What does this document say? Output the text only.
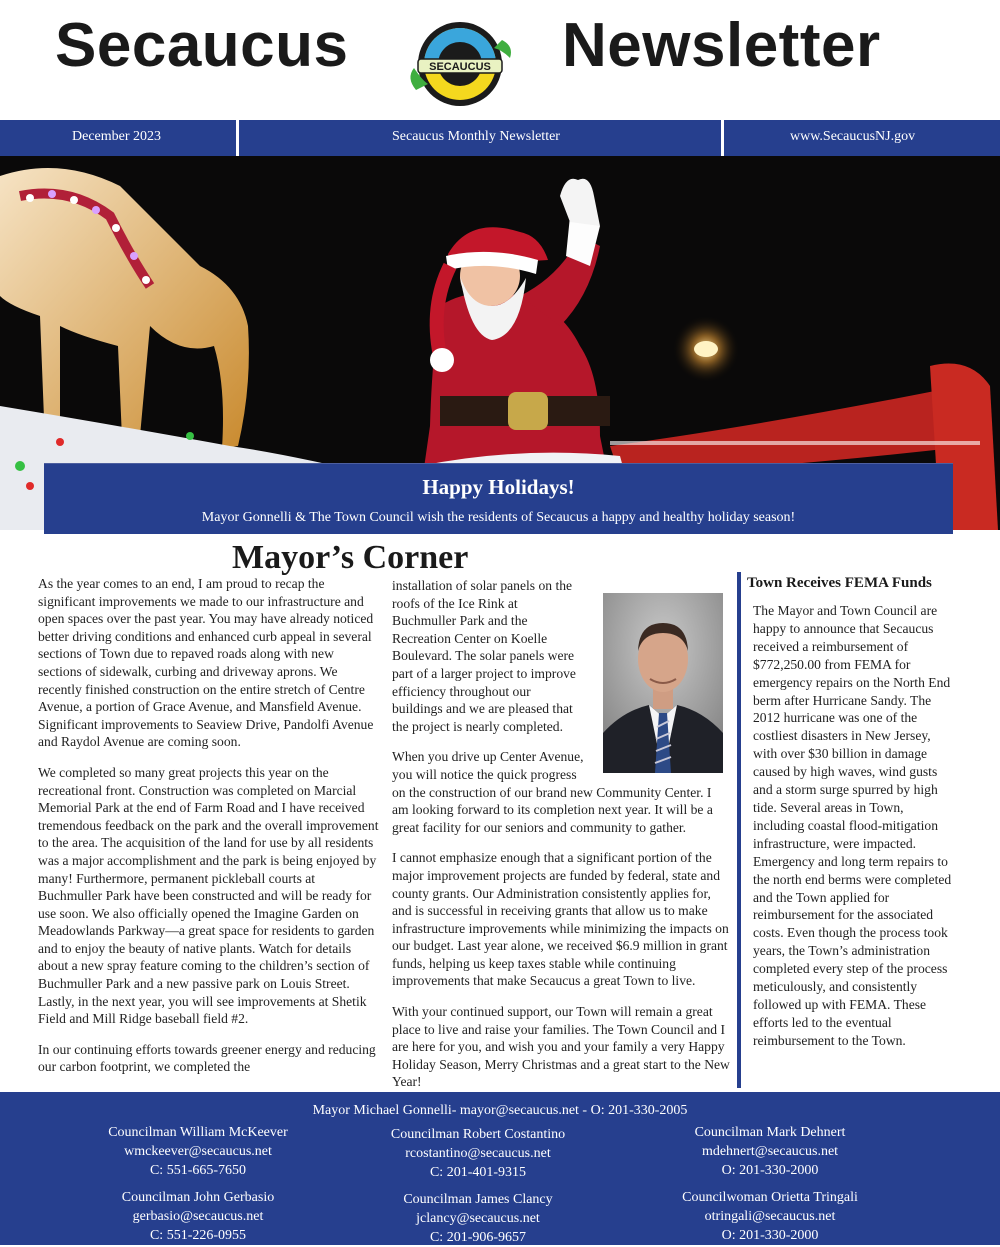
Secaucus	SECAUCUS Newsletter
December 2023	Secaucus Monthly Newsletter	www.SecaucusNJ.gov
Happy Holidays!
Mayor Gonnelli & The Town Council wish the residents of Secaucus a happy and healthy holiday season!
Mayor’s Corner

As the year comes to an end, I am proud to recap the significant improvements we made to our infrastructure and open spaces over the past year. You may have already noticed better driving conditions and enhanced curb appeal in several sections of Town due to repaved roads along with new sections of sidewalk, curbing and driveway aprons. We recently finished construction on the entire stretch of Centre Avenue, a portion of Grace Avenue, and Mansfield Avenue. Significant improvements to Seaview Drive, Pandolfi Avenue and Raydol Avenue are coming soon.

We completed so many great projects this year on the recreational front. Construction was completed on Marcial Memorial Park at the end of Farm Road and I have received tremendous feedback on the park and the overall improvement to the area. The acquisition of the land for use by all residents was a major accomplishment and the park is being enjoyed by many! Furthermore, permanent pickleball courts at Buchmuller Park have been constructed and will be ready for use soon. We also officially opened the Imagine Garden on Meadowlands Parkway—a great space for residents to garden and to enjoy the beauty of native plants. Watch for details about a new spray feature coming to the children’s section of Buchmuller Park and a new passive park on Louis Street. Lastly, in the next year, you will see improvements at Shetik Field and Mill Ridge baseball field #2.

In our continuing efforts towards greener energy and reducing our carbon footprint, we completed the

installation of solar panels on the roofs of the Ice Rink at Buchmuller Park and the Recreation Center on Koelle Boulevard. The solar panels were part of a larger project to improve efficiency throughout our buildings and we are pleased that the project is nearly completed.

When you drive up Center Avenue, you will notice the quick progress on the construction of our brand new Community Center. I am looking forward to its completion next year. It will be a great facility for our seniors and community to gather.

I cannot emphasize enough that a significant portion of the major improvement projects are funded by federal, state and county grants. Our Administration consistently applies for, and is successful in receiving grants that allow us to make infrastructure improvements while minimizing the impacts on our budget. Last year alone, we received $6.9 million in grant funds, helping us keep taxes stable while continuing improvements that make Secaucus a great Town to live.

With your continued support, our Town will remain a great place to live and raise your families. The Town Council and I are here for you, and wish you and your family a very Happy Holiday Season, Merry Christmas and a great start to the New Year!

Town Receives FEMA Funds

The Mayor and Town Council are happy to announce that Secaucus received a reimbursement of $772,250.00 from FEMA for emergency repairs on the North End berm after Hurricane Sandy. The 2012 hurricane was one of the costliest disasters in New Jersey, with over $30 billion in damage caused by high waves, wind gusts and a storm surge spurred by high tide. Several areas in Town, including coastal flood-mitigation infrastructure, were impacted. Emergency and long term repairs to the north end berms were completed and the Town applied for reimbursement for the associated costs. Even though the process took years, the Town’s administration completed every step of the process meticulously, and consistently followed up with FEMA. These efforts led to the eventual reimbursement to the Town.

Mayor Michael Gonnelli- mayor@secaucus.net - O: 201-330-2005
Councilman William McKeever
wmckeever@secaucus.net
C: 551-665-7650
Councilman Robert Costantino
rcostantino@secaucus.net
C: 201-401-9315
Councilman Mark Dehnert
mdehnert@secaucus.net
O: 201-330-2000
Councilman John Gerbasio
gerbasio@secaucus.net
C: 551-226-0955
Councilman James Clancy
jclancy@secaucus.net
C: 201-906-9657
Councilwoman Orietta Tringali
otringali@secaucus.net
O: 201-330-2000
